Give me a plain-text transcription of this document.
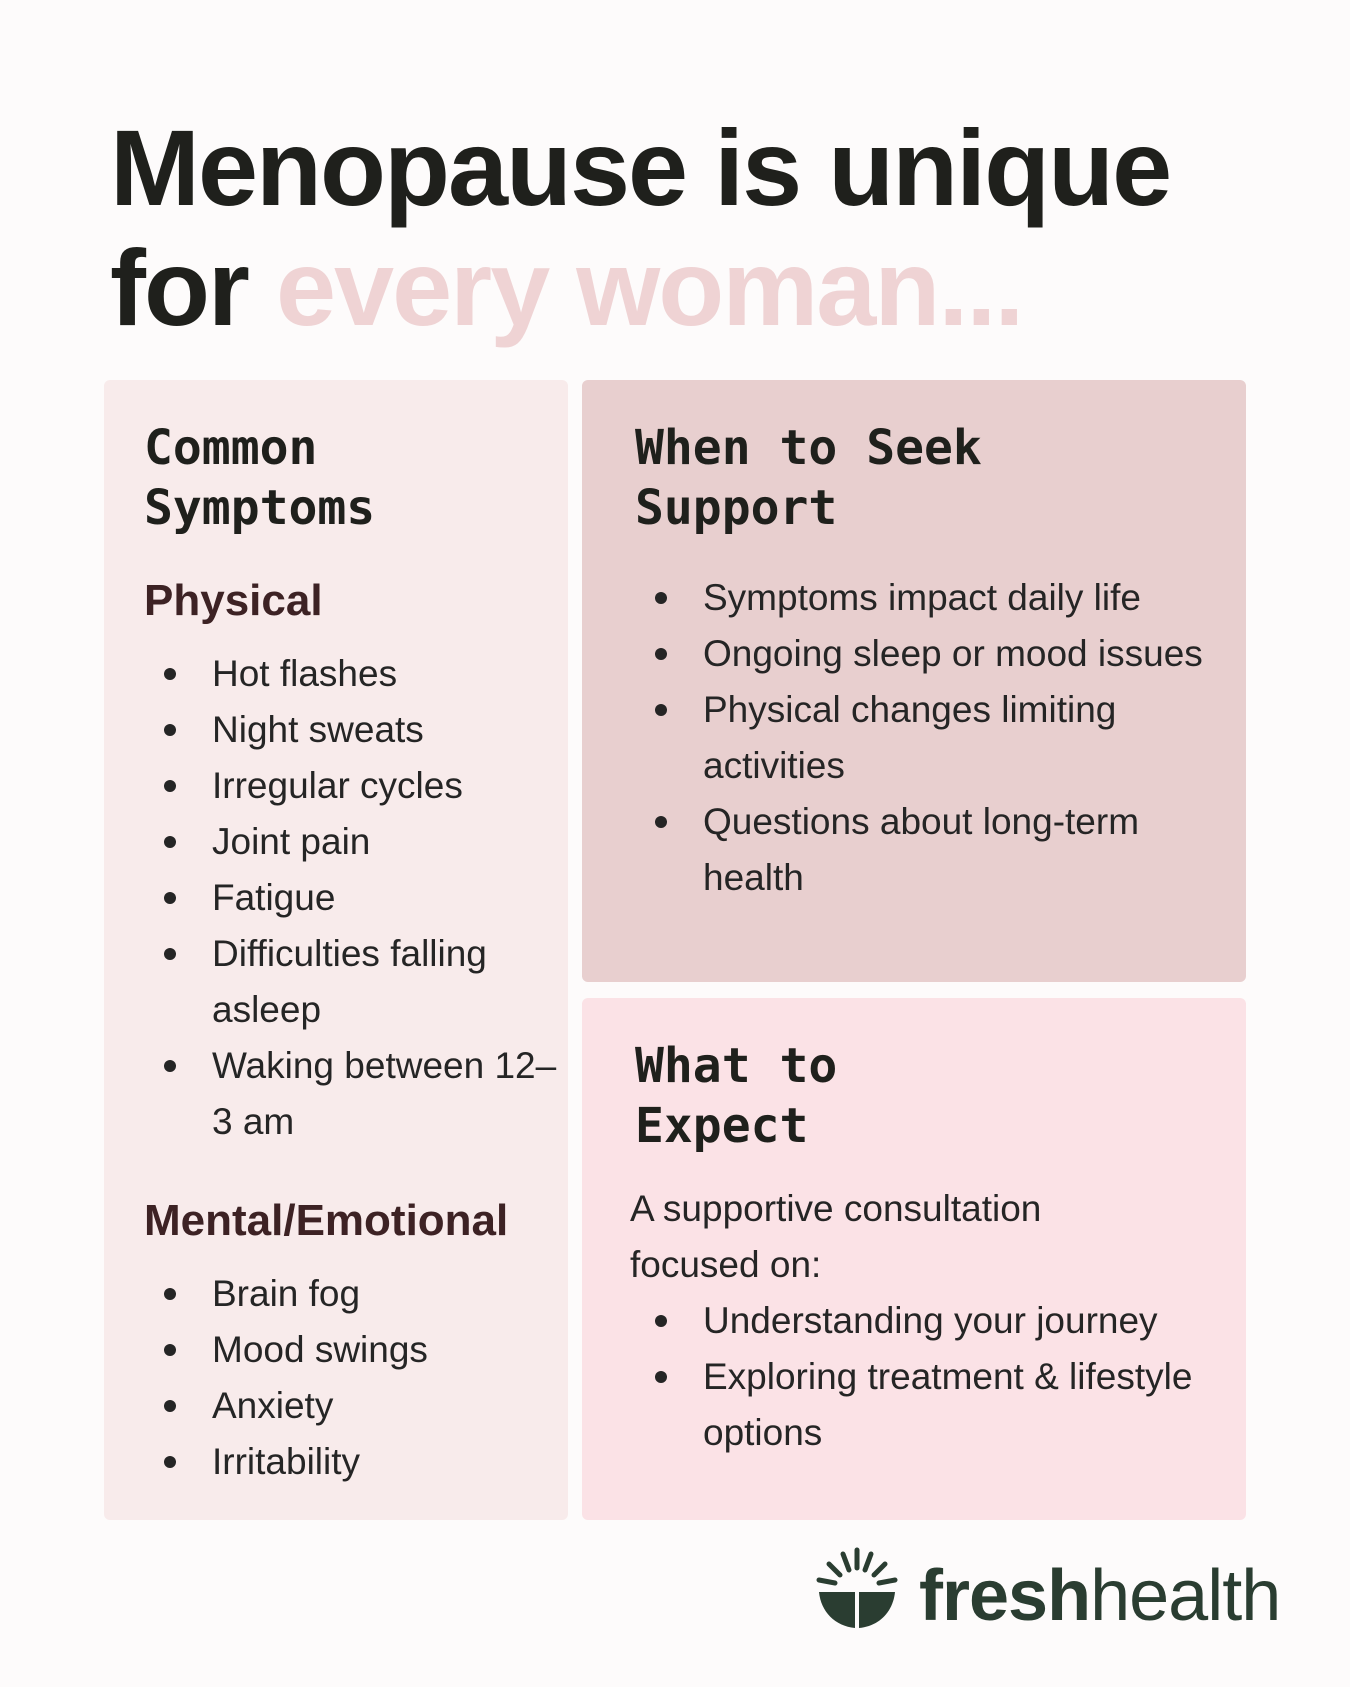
Menopause is unique
for every woman...
Common
Symptoms
Physical
Hot flashes
Night sweats
Irregular cycles
Joint pain
Fatigue
Difficulties falling asleep
Waking between 12–3 am
Mental/Emotional
Brain fog
Mood swings
Anxiety
Irritability
When to Seek
Support
Symptoms impact daily life
Ongoing sleep or mood issues
Physical changes limiting activities
Questions about long-term health
What to
Expect

A supportive consultation focused on:

Understanding your journey
Exploring treatment & lifestyle options
freshhealth
